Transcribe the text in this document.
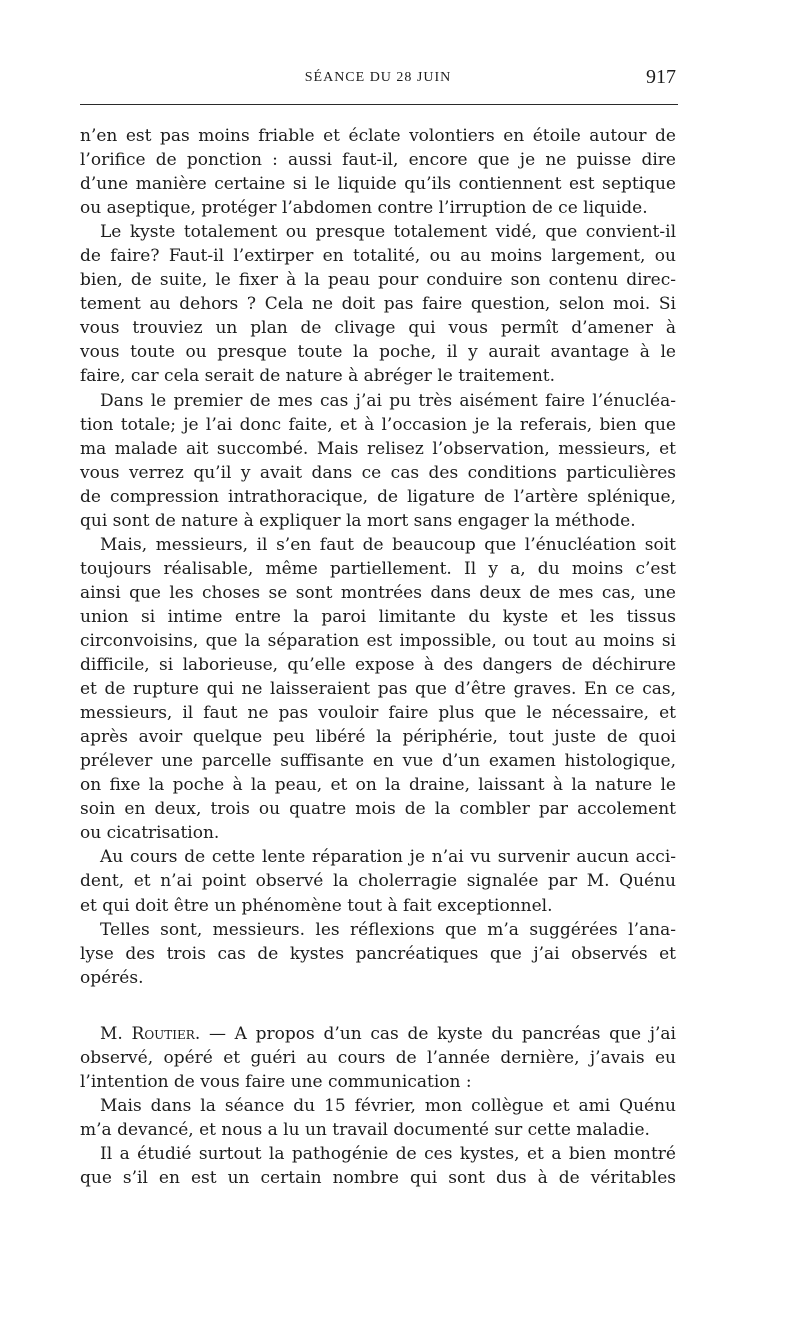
SÉANCE DU 28 JUIN	917
n’en est pas moins friable et éclate volontiers en étoile autour de
l’orifice de ponction : aussi faut-il, encore que je ne puisse dire
d’une manière certaine si le liquide qu’ils contiennent est septique
ou aseptique, protéger l’abdomen contre l’irruption de ce liquide.
Le kyste totalement ou presque totalement vidé, que convient-il
de faire? Faut-il l’extirper en totalité, ou au moins largement, ou
bien, de suite, le fixer à la peau pour conduire son contenu direc-
tement au dehors ? Cela ne doit pas faire question, selon moi. Si
vous trouviez un plan de clivage qui vous permît d’amener à
vous toute ou presque toute la poche, il y aurait avantage à le
faire, car cela serait de nature à abréger le traitement.
Dans le premier de mes cas j’ai pu très aisément faire l’énucléa-
tion totale; je l’ai donc faite, et à l’occasion je la referais, bien que
ma malade ait succombé. Mais relisez l’observation, messieurs, et
vous verrez qu’il y avait dans ce cas des conditions particulières
de compression intrathoracique, de ligature de l’artère splénique,
qui sont de nature à expliquer la mort sans engager la méthode.
Mais, messieurs, il s’en faut de beaucoup que l’énucléation soit
toujours réalisable, même partiellement. Il y a, du moins c’est
ainsi que les choses se sont montrées dans deux de mes cas, une
union si intime entre la paroi limitante du kyste et les tissus
circonvoisins, que la séparation est impossible, ou tout au moins si
difficile, si laborieuse, qu’elle expose à des dangers de déchirure
et de rupture qui ne laisseraient pas que d’être graves. En ce cas,
messieurs, il faut ne pas vouloir faire plus que le nécessaire, et
après avoir quelque peu libéré la périphérie, tout juste de quoi
prélever une parcelle suffisante en vue d’un examen histologique,
on fixe la poche à la peau, et on la draine, laissant à la nature le
soin en deux, trois ou quatre mois de la combler par accolement
ou cicatrisation.
Au cours de cette lente réparation je n’ai vu survenir aucun acci-
dent, et n’ai point observé la cholerragie signalée par M. Quénu
et qui doit être un phénomène tout à fait exceptionnel.
Telles sont, messieurs. les réflexions que m’a suggérées l’ana-
lyse des trois cas de kystes pancréatiques que j’ai observés et
opérés.
M. Routier. — A propos d’un cas de kyste du pancréas que j’ai
observé, opéré et guéri au cours de l’année dernière, j’avais eu
l’intention de vous faire une communication :
Mais dans la séance du 15 février, mon collègue et ami Quénu
m’a devancé, et nous a lu un travail documenté sur cette maladie.
Il a étudié surtout la pathogénie de ces kystes, et a bien montré
que s’il en est un certain nombre qui sont dus à de véritables
